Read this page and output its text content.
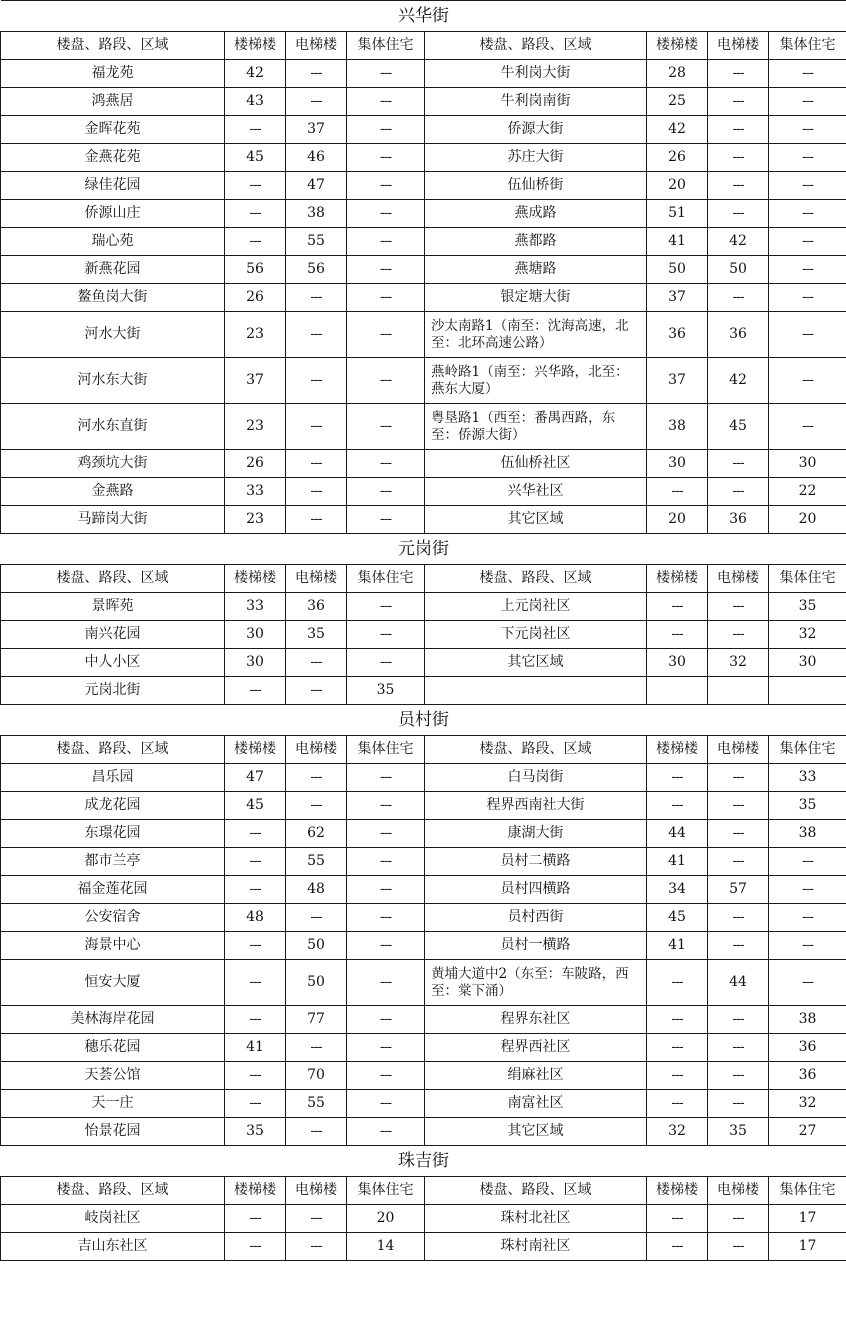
兴华街							
楼盘、路段、区域	楼梯楼	电梯楼	集体住宅	楼盘、路段、区域	楼梯楼	电梯楼	集体住宅
福龙苑	42	---	---	牛利岗大街	28	---	---
鸿燕居	43	---	---	牛利岗南街	25	---	---
金晖花苑	---	37	---	侨源大街	42	---	---
金燕花苑	45	46	---	苏庄大街	26	---	---
绿佳花园	---	47	---	伍仙桥街	20	---	---
侨源山庄	---	38	---	燕成路	51	---	---
瑞心苑	---	55	---	燕都路	41	42	---
新燕花园	56	56	---	燕塘路	50	50	---
鳌鱼岗大街	26	---	---	银定塘大街	37	---	---
河水大街	23	---	---	沙太南路1（南至：沈海高速，北至：北环高速公路）	36	36	---
河水东大街	37	---	---	燕岭路1（南至：兴华路，北至：燕东大厦）	37	42	---
河水东直街	23	---	---	粤垦路1（西至：番禺西路，东至：侨源大街）	38	45	---
鸡颈坑大街	26	---	---	伍仙桥社区	30	---	30
金燕路	33	---	---	兴华社区	---	---	22
马蹄岗大街	23	---	---	其它区域	20	36	20
元岗街							
楼盘、路段、区域	楼梯楼	电梯楼	集体住宅	楼盘、路段、区域	楼梯楼	电梯楼	集体住宅
景晖苑	33	36	---	上元岗社区	---	---	35
南兴花园	30	35	---	下元岗社区	---	---	32
中人小区	30	---	---	其它区域	30	32	30
元岗北街	---	---	35				
员村街							
楼盘、路段、区域	楼梯楼	电梯楼	集体住宅	楼盘、路段、区域	楼梯楼	电梯楼	集体住宅
昌乐园	47	---	---	白马岗街	---	---	33
成龙花园	45	---	---	程界西南社大街	---	---	35
东璟花园	---	62	---	康湖大街	44	---	38
都市兰亭	---	55	---	员村二横路	41	---	---
福金莲花园	---	48	---	员村四横路	34	57	---
公安宿舍	48	---	---	员村西街	45	---	---
海景中心	---	50	---	员村一横路	41	---	---
恒安大厦	---	50	---	黄埔大道中2（东至：车陂路，西至：棠下涌）	---	44	---
美林海岸花园	---	77	---	程界东社区	---	---	38
穗乐花园	41	---	---	程界西社区	---	---	36
天荟公馆	---	70	---	绢麻社区	---	---	36
天一庄	---	55	---	南富社区	---	---	32
怡景花园	35	---	---	其它区域	32	35	27
珠吉街							
楼盘、路段、区域	楼梯楼	电梯楼	集体住宅	楼盘、路段、区域	楼梯楼	电梯楼	集体住宅
岐岗社区	---	---	20	珠村北社区	---	---	17
吉山东社区	---	---	14	珠村南社区	---	---	17
